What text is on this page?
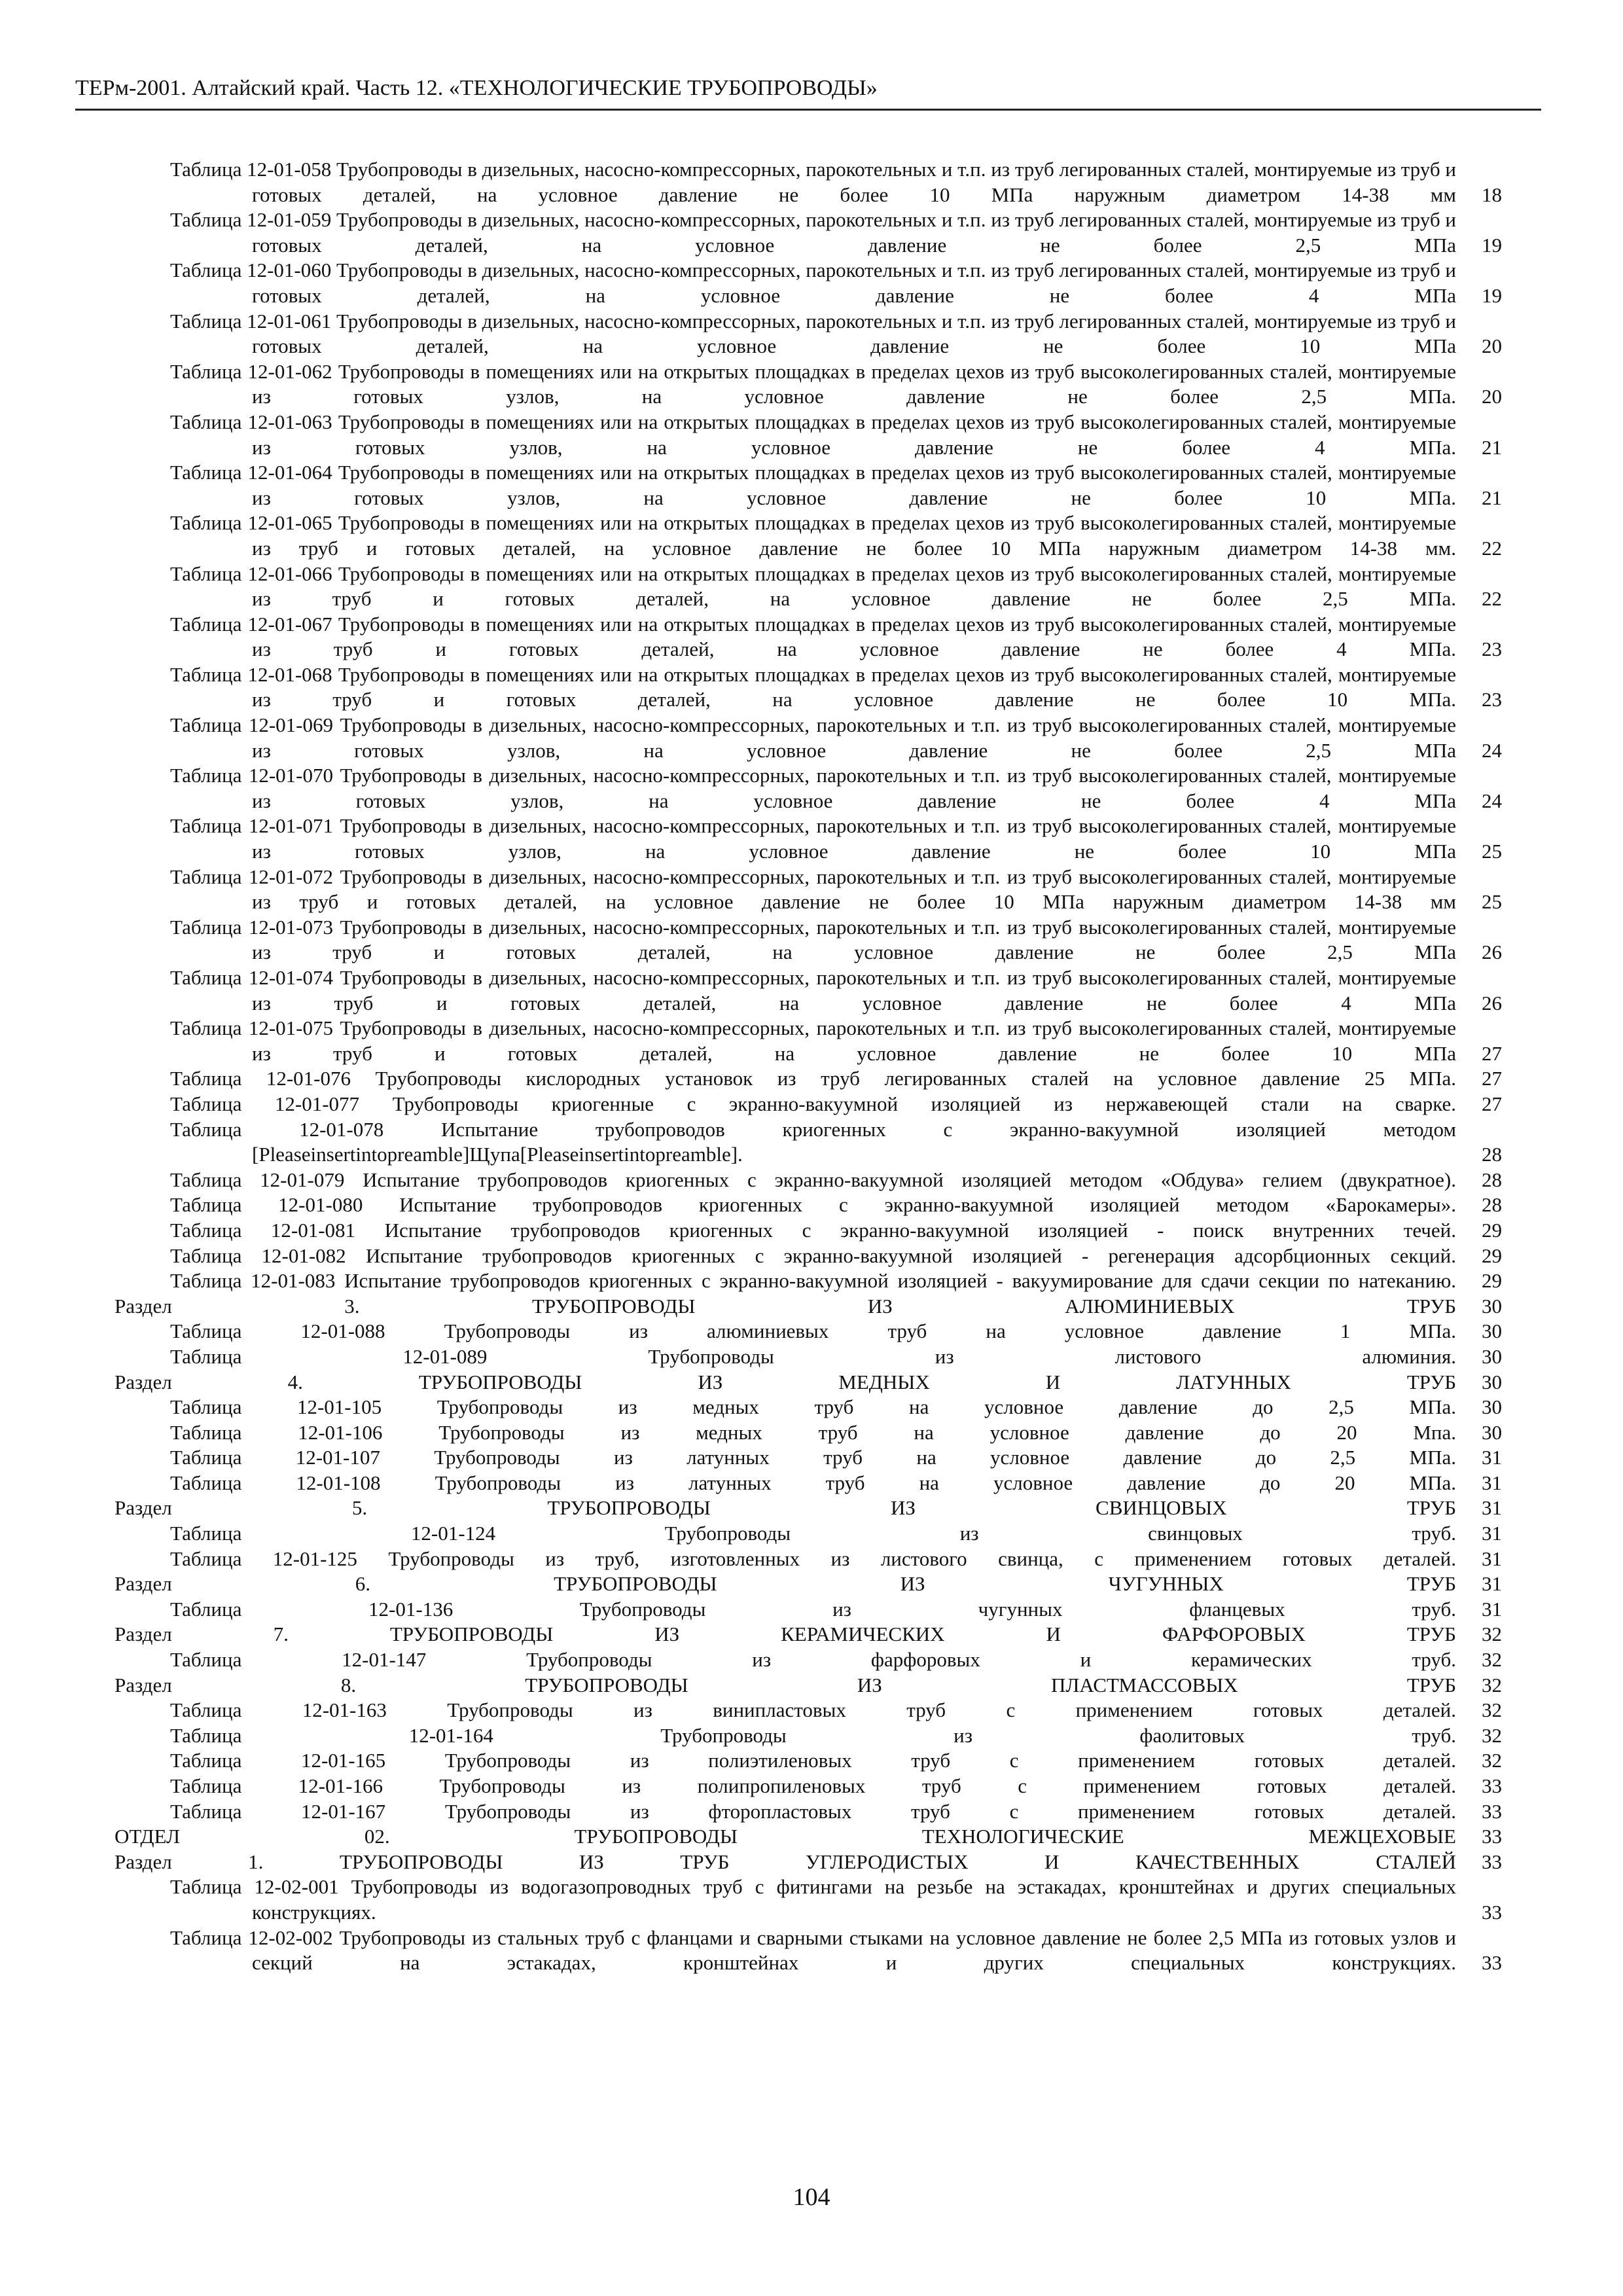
ТЕРм-2001. Алтайский край. Часть 12. «ТЕХНОЛОГИЧЕСКИЕ ТРУБОПРОВОДЫ»
Таблица 12-01-058 Трубопроводы в дизельных, насосно-компрессорных, парокотельных и т.п. из труб легированных сталей, монтируемые из труб и готовых деталей, на условное давление не более 10 МПа наружным диаметром 14-38 мм	18
Таблица 12-01-059 Трубопроводы в дизельных, насосно-компрессорных, парокотельных и т.п. из труб легированных сталей, монтируемые из труб и готовых деталей, на условное давление не более 2,5 МПа	19
Таблица 12-01-060 Трубопроводы в дизельных, насосно-компрессорных, парокотельных и т.п. из труб легированных сталей, монтируемые из труб и готовых деталей, на условное давление не более 4 МПа	19
Таблица 12-01-061 Трубопроводы в дизельных, насосно-компрессорных, парокотельных и т.п. из труб легированных сталей, монтируемые из труб и готовых деталей, на условное давление не более 10 МПа	20
Таблица 12-01-062 Трубопроводы в помещениях или на открытых площадках в пределах цехов из труб высоколегированных сталей, монтируемые из готовых узлов, на условное давление не более 2,5 МПа.	20
Таблица 12-01-063 Трубопроводы в помещениях или на открытых площадках в пределах цехов из труб высоколегированных сталей, монтируемые из готовых узлов, на условное давление не более 4 МПа.	21
Таблица 12-01-064 Трубопроводы в помещениях или на открытых площадках в пределах цехов из труб высоколегированных сталей, монтируемые из готовых узлов, на условное давление не более 10 МПа.	21
Таблица 12-01-065 Трубопроводы в помещениях или на открытых площадках в пределах цехов из труб высоколегированных сталей, монтируемые из труб и готовых деталей, на условное давление не более 10 МПа наружным диаметром 14-38 мм.	22
Таблица 12-01-066 Трубопроводы в помещениях или на открытых площадках в пределах цехов из труб высоколегированных сталей, монтируемые из труб и готовых деталей, на условное давление не более 2,5 МПа.	22
Таблица 12-01-067 Трубопроводы в помещениях или на открытых площадках в пределах цехов из труб высоколегированных сталей, монтируемые из труб и готовых деталей, на условное давление не более 4 МПа.	23
Таблица 12-01-068 Трубопроводы в помещениях или на открытых площадках в пределах цехов из труб высоколегированных сталей, монтируемые из труб и готовых деталей, на условное давление не более 10 МПа.	23
Таблица 12-01-069 Трубопроводы в дизельных, насосно-компрессорных, парокотельных и т.п. из труб высоколегированных сталей, монтируемые из готовых узлов, на условное давление не более 2,5 МПа	24
Таблица 12-01-070 Трубопроводы в дизельных, насосно-компрессорных, парокотельных и т.п. из труб высоколегированных сталей, монтируемые из готовых узлов, на условное давление не более 4 МПа	24
Таблица 12-01-071 Трубопроводы в дизельных, насосно-компрессорных, парокотельных и т.п. из труб высоколегированных сталей, монтируемые из готовых узлов, на условное давление не более 10 МПа	25
Таблица 12-01-072 Трубопроводы в дизельных, насосно-компрессорных, парокотельных и т.п. из труб высоколегированных сталей, монтируемые из труб и готовых деталей, на условное давление не более 10 МПа наружным диаметром 14-38 мм	25
Таблица 12-01-073 Трубопроводы в дизельных, насосно-компрессорных, парокотельных и т.п. из труб высоколегированных сталей, монтируемые из труб и готовых деталей, на условное давление не более 2,5 МПа	26
Таблица 12-01-074 Трубопроводы в дизельных, насосно-компрессорных, парокотельных и т.п. из труб высоколегированных сталей, монтируемые из труб и готовых деталей, на условное давление не более 4 МПа	26
Таблица 12-01-075 Трубопроводы в дизельных, насосно-компрессорных, парокотельных и т.п. из труб высоколегированных сталей, монтируемые из труб и готовых деталей, на условное давление не более 10 МПа	27
Таблица 12-01-076 Трубопроводы кислородных установок из труб легированных сталей на условное давление 25 МПа.	27
Таблица 12-01-077 Трубопроводы криогенные с экранно-вакуумной изоляцией из нержавеющей стали на сварке.	27
Таблица 12-01-078 Испытание трубопроводов криогенных с экранно-вакуумной изоляцией методом [Pleaseinsertintopreamble]Щупа[Pleaseinsertintopreamble].	28
Таблица 12-01-079 Испытание трубопроводов криогенных с экранно-вакуумной изоляцией методом «Обдува» гелием (двукратное).	28
Таблица 12-01-080 Испытание трубопроводов криогенных с экранно-вакуумной изоляцией методом «Барокамеры».	28
Таблица 12-01-081 Испытание трубопроводов криогенных с экранно-вакуумной изоляцией - поиск внутренних течей.	29
Таблица 12-01-082 Испытание трубопроводов криогенных с экранно-вакуумной изоляцией - регенерация адсорбционных секций.	29
Таблица 12-01-083 Испытание трубопроводов криогенных с экранно-вакуумной изоляцией - вакуумирование для сдачи секции по натеканию.	29
Раздел 3. ТРУБОПРОВОДЫ ИЗ АЛЮМИНИЕВЫХ ТРУБ	30
Таблица 12-01-088 Трубопроводы из алюминиевых труб на условное давление 1 МПа.	30
Таблица 12-01-089 Трубопроводы из листового алюминия.	30
Раздел 4. ТРУБОПРОВОДЫ ИЗ МЕДНЫХ И ЛАТУННЫХ ТРУБ	30
Таблица 12-01-105 Трубопроводы из медных труб на условное давление до 2,5 МПа.	30
Таблица 12-01-106 Трубопроводы из медных труб на условное давление до 20 Мпа.	30
Таблица 12-01-107 Трубопроводы из латунных труб на условное давление до 2,5 МПа.	31
Таблица 12-01-108 Трубопроводы из латунных труб на условное давление до 20 МПа.	31
Раздел 5. ТРУБОПРОВОДЫ ИЗ СВИНЦОВЫХ ТРУБ	31
Таблица 12-01-124 Трубопроводы из свинцовых труб.	31
Таблица 12-01-125 Трубопроводы из труб, изготовленных из листового свинца, с применением готовых деталей.	31
Раздел 6. ТРУБОПРОВОДЫ ИЗ ЧУГУННЫХ ТРУБ	31
Таблица 12-01-136 Трубопроводы из чугунных фланцевых труб.	31
Раздел 7. ТРУБОПРОВОДЫ ИЗ КЕРАМИЧЕСКИХ И ФАРФОРОВЫХ ТРУБ	32
Таблица 12-01-147 Трубопроводы из фарфоровых и керамических труб.	32
Раздел 8. ТРУБОПРОВОДЫ ИЗ ПЛАСТМАССОВЫХ ТРУБ	32
Таблица 12-01-163 Трубопроводы из винипластовых труб с применением готовых деталей.	32
Таблица 12-01-164 Трубопроводы из фаолитовых труб.	32
Таблица 12-01-165 Трубопроводы из полиэтиленовых труб с применением готовых деталей.	32
Таблица 12-01-166 Трубопроводы из полипропиленовых труб с применением готовых деталей.	33
Таблица 12-01-167 Трубопроводы из фторопластовых труб с применением готовых деталей.	33
ОТДЕЛ 02. ТРУБОПРОВОДЫ ТЕХНОЛОГИЧЕСКИЕ МЕЖЦЕХОВЫЕ	33
Раздел 1. ТРУБОПРОВОДЫ ИЗ ТРУБ УГЛЕРОДИСТЫХ И КАЧЕСТВЕННЫХ СТАЛЕЙ	33
Таблица 12-02-001 Трубопроводы из водогазопроводных труб с фитингами на резьбе на эстакадах, кронштейнах и других специальных конструкциях.	33
Таблица 12-02-002 Трубопроводы из стальных труб с фланцами и сварными стыками на условное давление не более 2,5 МПа из готовых узлов и секций на эстакадах, кронштейнах и других специальных конструкциях.	33
104
